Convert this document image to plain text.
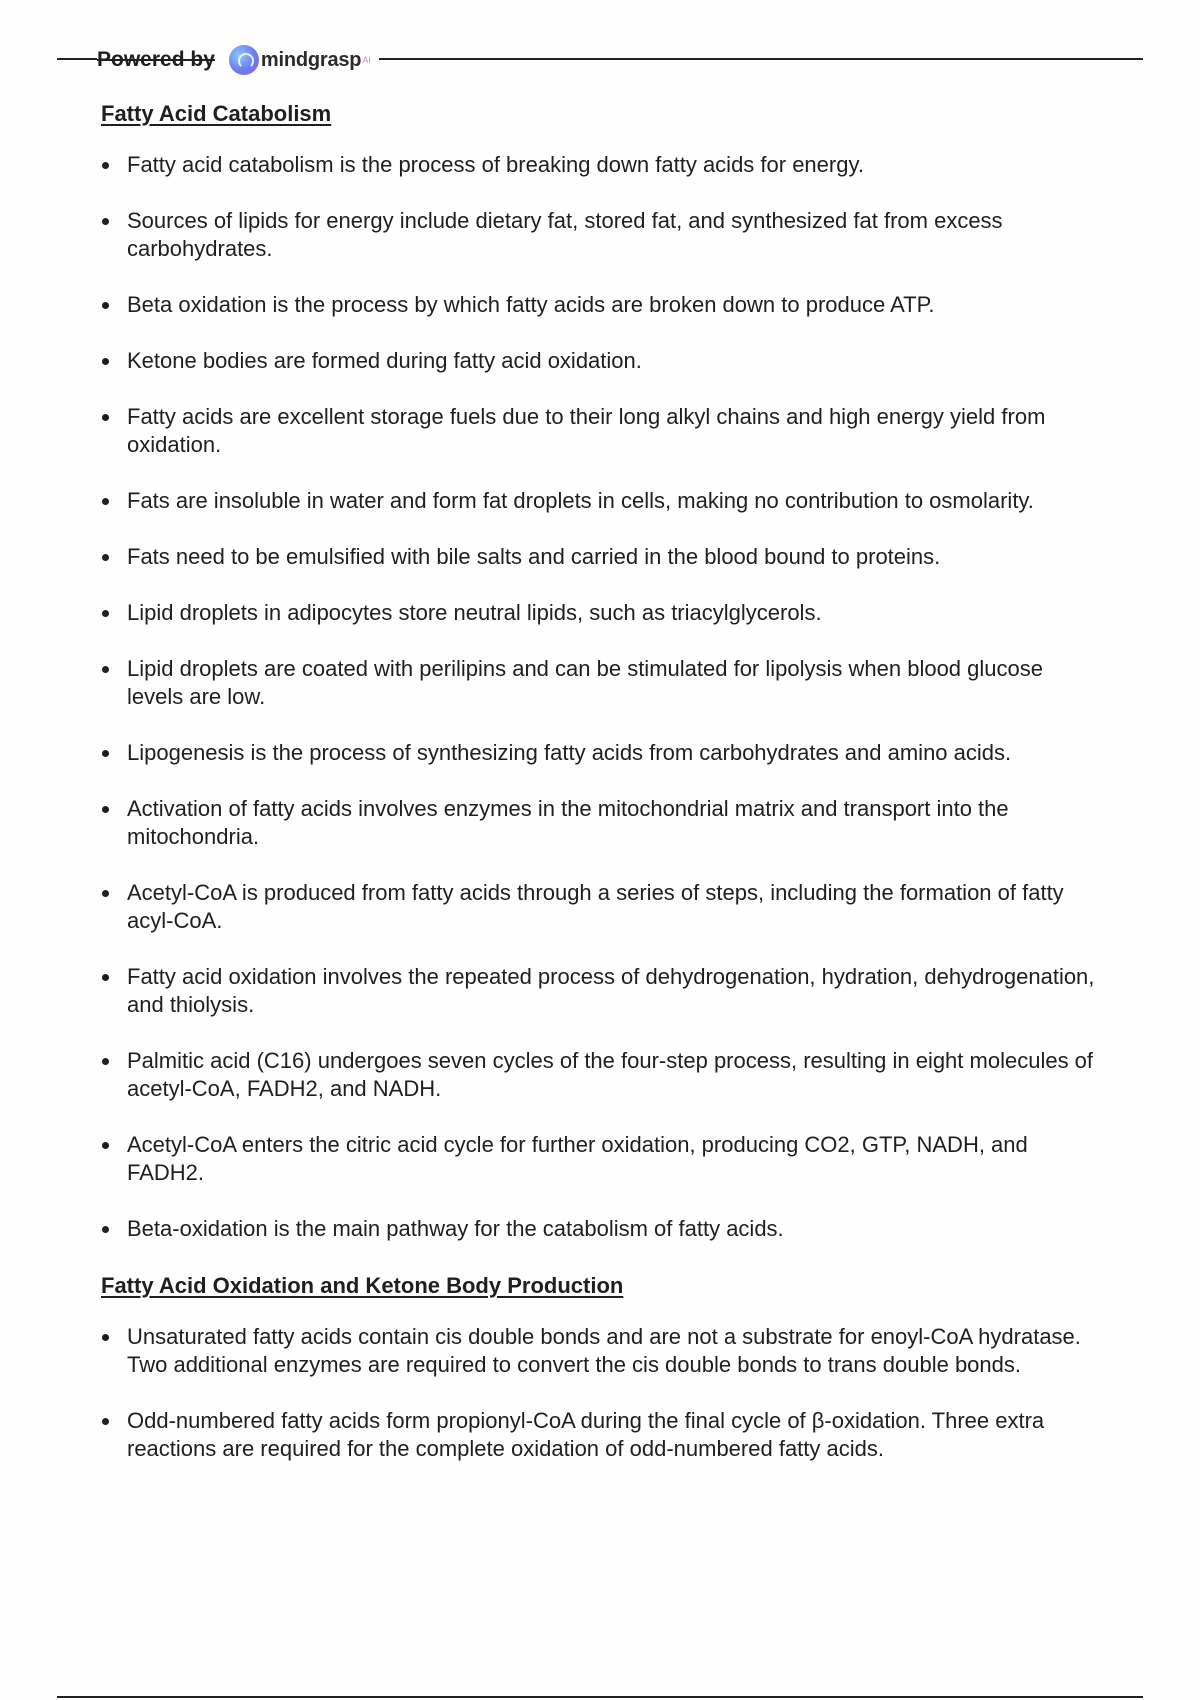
Powered by mindgrasp AI
Fatty Acid Catabolism
Fatty acid catabolism is the process of breaking down fatty acids for energy.
Sources of lipids for energy include dietary fat, stored fat, and synthesized fat from excess carbohydrates.
Beta oxidation is the process by which fatty acids are broken down to produce ATP.
Ketone bodies are formed during fatty acid oxidation.
Fatty acids are excellent storage fuels due to their long alkyl chains and high energy yield from oxidation.
Fats are insoluble in water and form fat droplets in cells, making no contribution to osmolarity.
Fats need to be emulsified with bile salts and carried in the blood bound to proteins.
Lipid droplets in adipocytes store neutral lipids, such as triacylglycerols.
Lipid droplets are coated with perilipins and can be stimulated for lipolysis when blood glucose levels are low.
Lipogenesis is the process of synthesizing fatty acids from carbohydrates and amino acids.
Activation of fatty acids involves enzymes in the mitochondrial matrix and transport into the mitochondria.
Acetyl-CoA is produced from fatty acids through a series of steps, including the formation of fatty acyl-CoA.
Fatty acid oxidation involves the repeated process of dehydrogenation, hydration, dehydrogenation, and thiolysis.
Palmitic acid (C16) undergoes seven cycles of the four-step process, resulting in eight molecules of acetyl-CoA, FADH2, and NADH.
Acetyl-CoA enters the citric acid cycle for further oxidation, producing CO2, GTP, NADH, and FADH2.
Beta-oxidation is the main pathway for the catabolism of fatty acids.
Fatty Acid Oxidation and Ketone Body Production
Unsaturated fatty acids contain cis double bonds and are not a substrate for enoyl-CoA hydratase. Two additional enzymes are required to convert the cis double bonds to trans double bonds.
Odd-numbered fatty acids form propionyl-CoA during the final cycle of β-oxidation. Three extra reactions are required for the complete oxidation of odd-numbered fatty acids.
